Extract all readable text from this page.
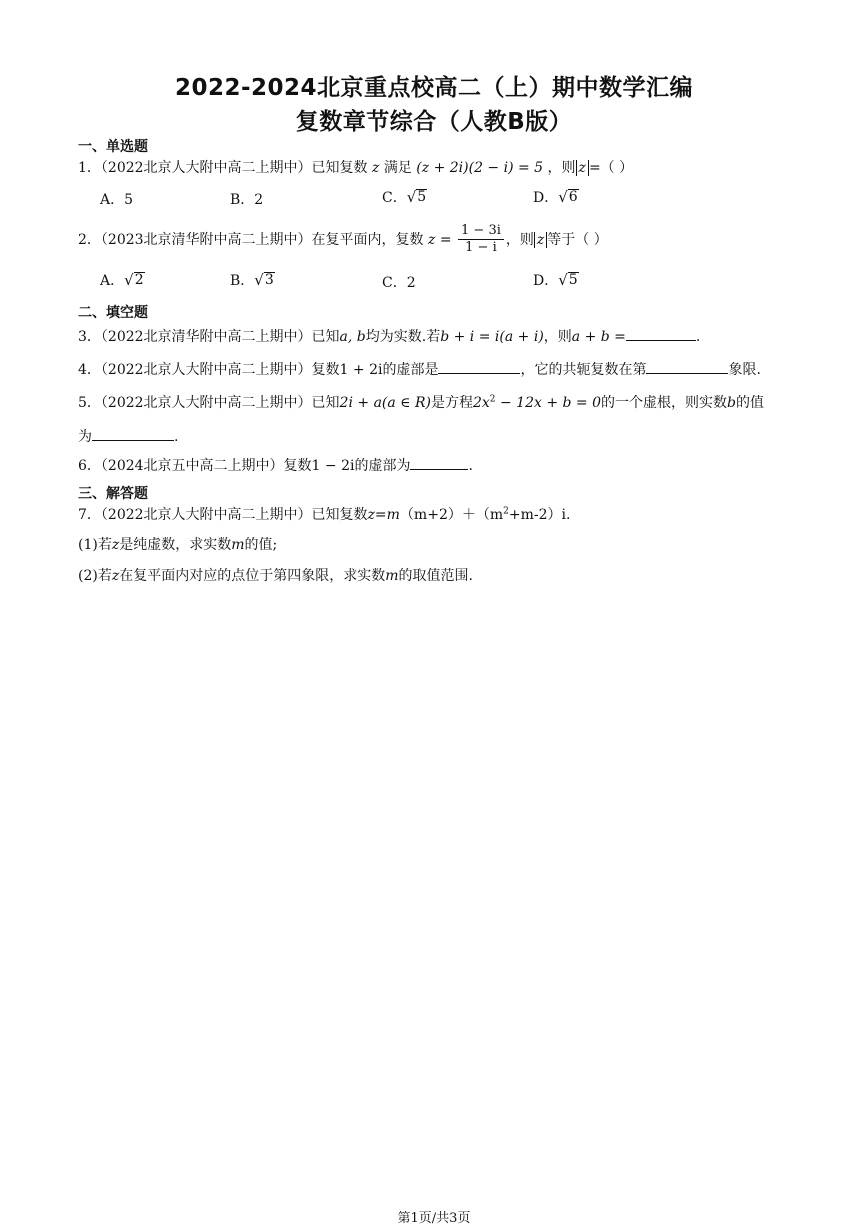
2022-2024北京重点校高二（上）期中数学汇编
复数章节综合（人教B版）
一、单选题
1．（2022北京人大附中高二上期中）已知复数 z 满足 (z + 2i)(2 − i) = 5 ，则 z =（ ）
A．5	B．2	C． √ 5	D． √ 6
2．（2023北京清华附中高二上期中）在复平面内，复数 $z = \frac{1 - 3i}{1 - i}$ ，则 z 等于（ ）
A． √ 2	B． √ 3	C．2	D． √ 5
二、填空题
3．（2022北京清华附中高二上期中）已知a, b均为实数.若b + i = i(a + i)，则a + b =	.
4．（2022北京人大附中高二上期中）复数1 + 2i的虚部是	，它的共轭复数在第	象限.
5．（2022北京人大附中高二上期中）已知2i + a(a ∈ R)是方程$2x^2 - 12x + b = 0$的一个虚根，则实数b的值
为	.
6．（2024北京五中高二上期中）复数1 − 2i的虚部为	.
三、解答题
7．（2022北京人大附中高二上期中）已知复数$z=m(m+2)+(m^2+m-2)i$.
(1)若z是纯虚数，求实数m的值;
(2)若z在复平面内对应的点位于第四象限，求实数m的取值范围.
第1页/共3页
